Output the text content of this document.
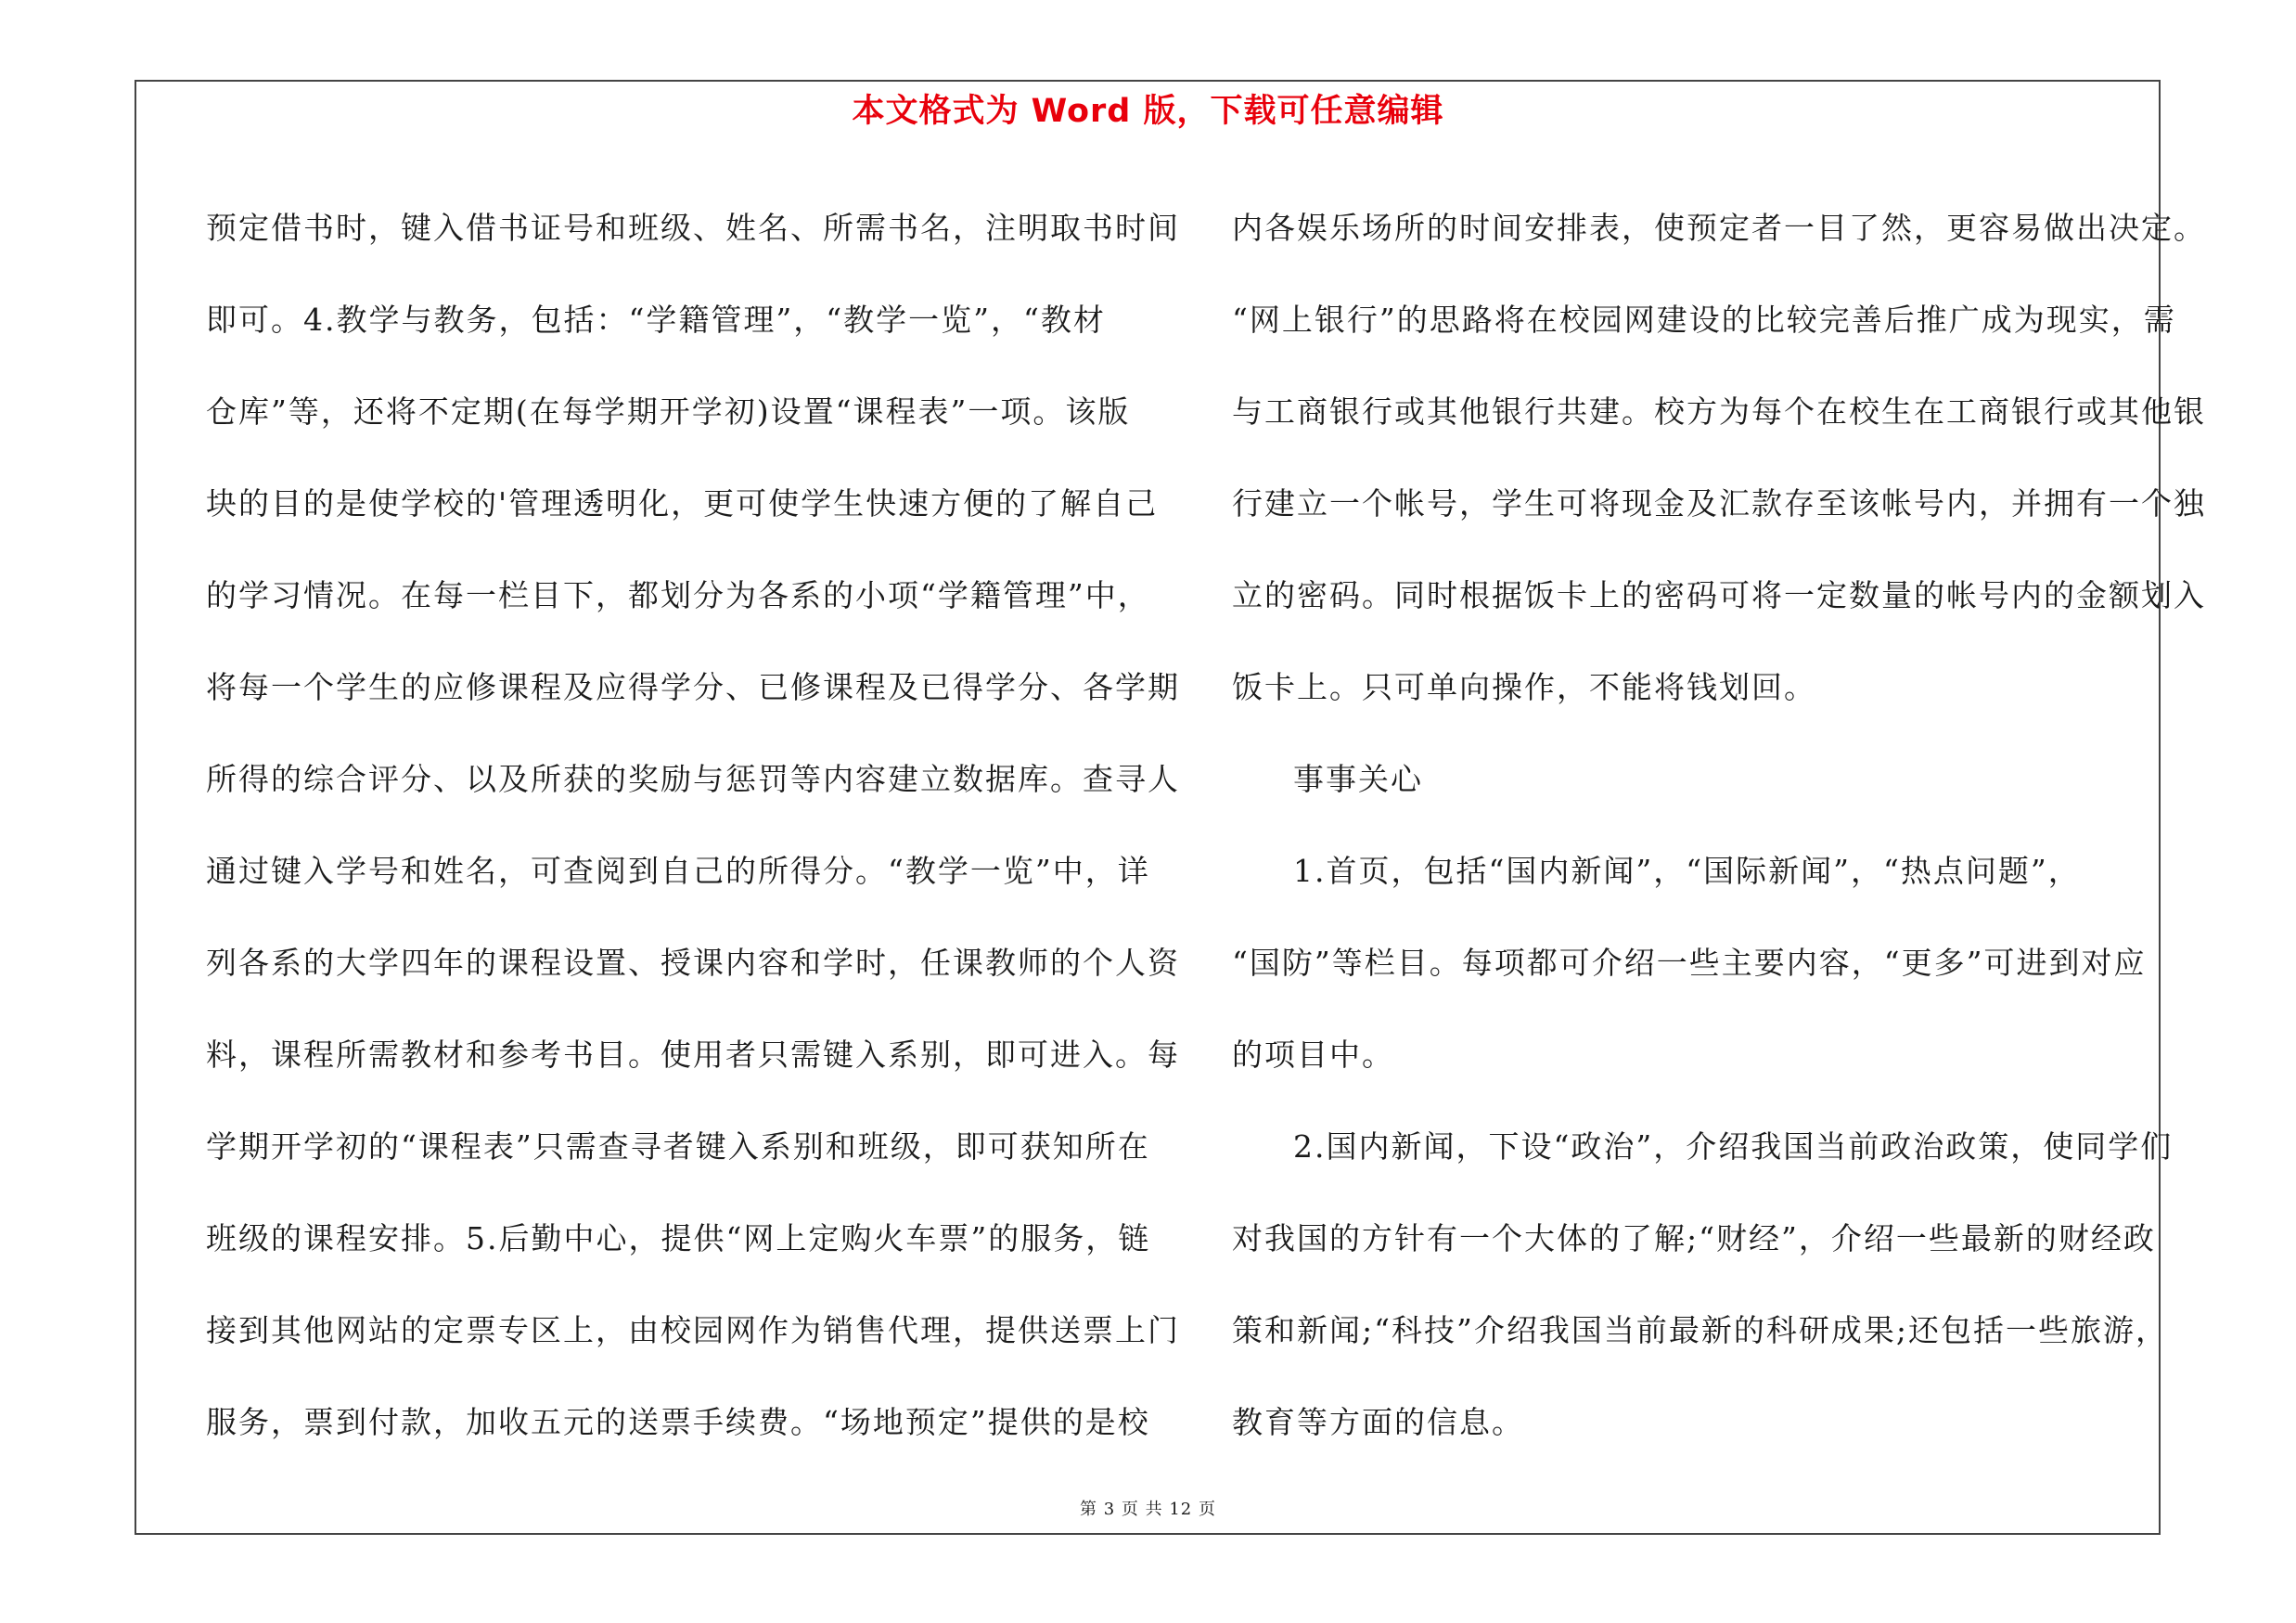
本文格式为 Word 版，下载可任意编辑
预定借书时，键入借书证号和班级、姓名、所需书名，注明取书时间
即可。4.教学与教务，包括：“学籍管理”，“教学一览”，“教材
仓库”等，还将不定期(在每学期开学初)设置“课程表”一项。该版
块的目的是使学校的'管理透明化，更可使学生快速方便的了解自己
的学习情况。在每一栏目下，都划分为各系的小项“学籍管理”中，
将每一个学生的应修课程及应得学分、已修课程及已得学分、各学期
所得的综合评分、以及所获的奖励与惩罚等内容建立数据库。查寻人
通过键入学号和姓名，可查阅到自己的所得分。“教学一览”中，详
列各系的大学四年的课程设置、授课内容和学时，任课教师的个人资
料，课程所需教材和参考书目。使用者只需键入系别，即可进入。每
学期开学初的“课程表”只需查寻者键入系别和班级，即可获知所在
班级的课程安排。5.后勤中心，提供“网上定购火车票”的服务，链
接到其他网站的定票专区上，由校园网作为销售代理，提供送票上门
服务，票到付款，加收五元的送票手续费。“场地预定”提供的是校
内各娱乐场所的时间安排表，使预定者一目了然，更容易做出决定。
“网上银行”的思路将在校园网建设的比较完善后推广成为现实，需
与工商银行或其他银行共建。校方为每个在校生在工商银行或其他银
行建立一个帐号，学生可将现金及汇款存至该帐号内，并拥有一个独
立的密码。同时根据饭卡上的密码可将一定数量的帐号内的金额划入
饭卡上。只可单向操作，不能将钱划回。
事事关心
1.首页，包括“国内新闻”，“国际新闻”，“热点问题”，
“国防”等栏目。每项都可介绍一些主要内容，“更多”可进到对应
的项目中。
2.国内新闻，下设“政治”，介绍我国当前政治政策，使同学们
对我国的方针有一个大体的了解;“财经”，介绍一些最新的财经政
策和新闻;“科技”介绍我国当前最新的科研成果;还包括一些旅游，
教育等方面的信息。
第 3 页 共 12 页
